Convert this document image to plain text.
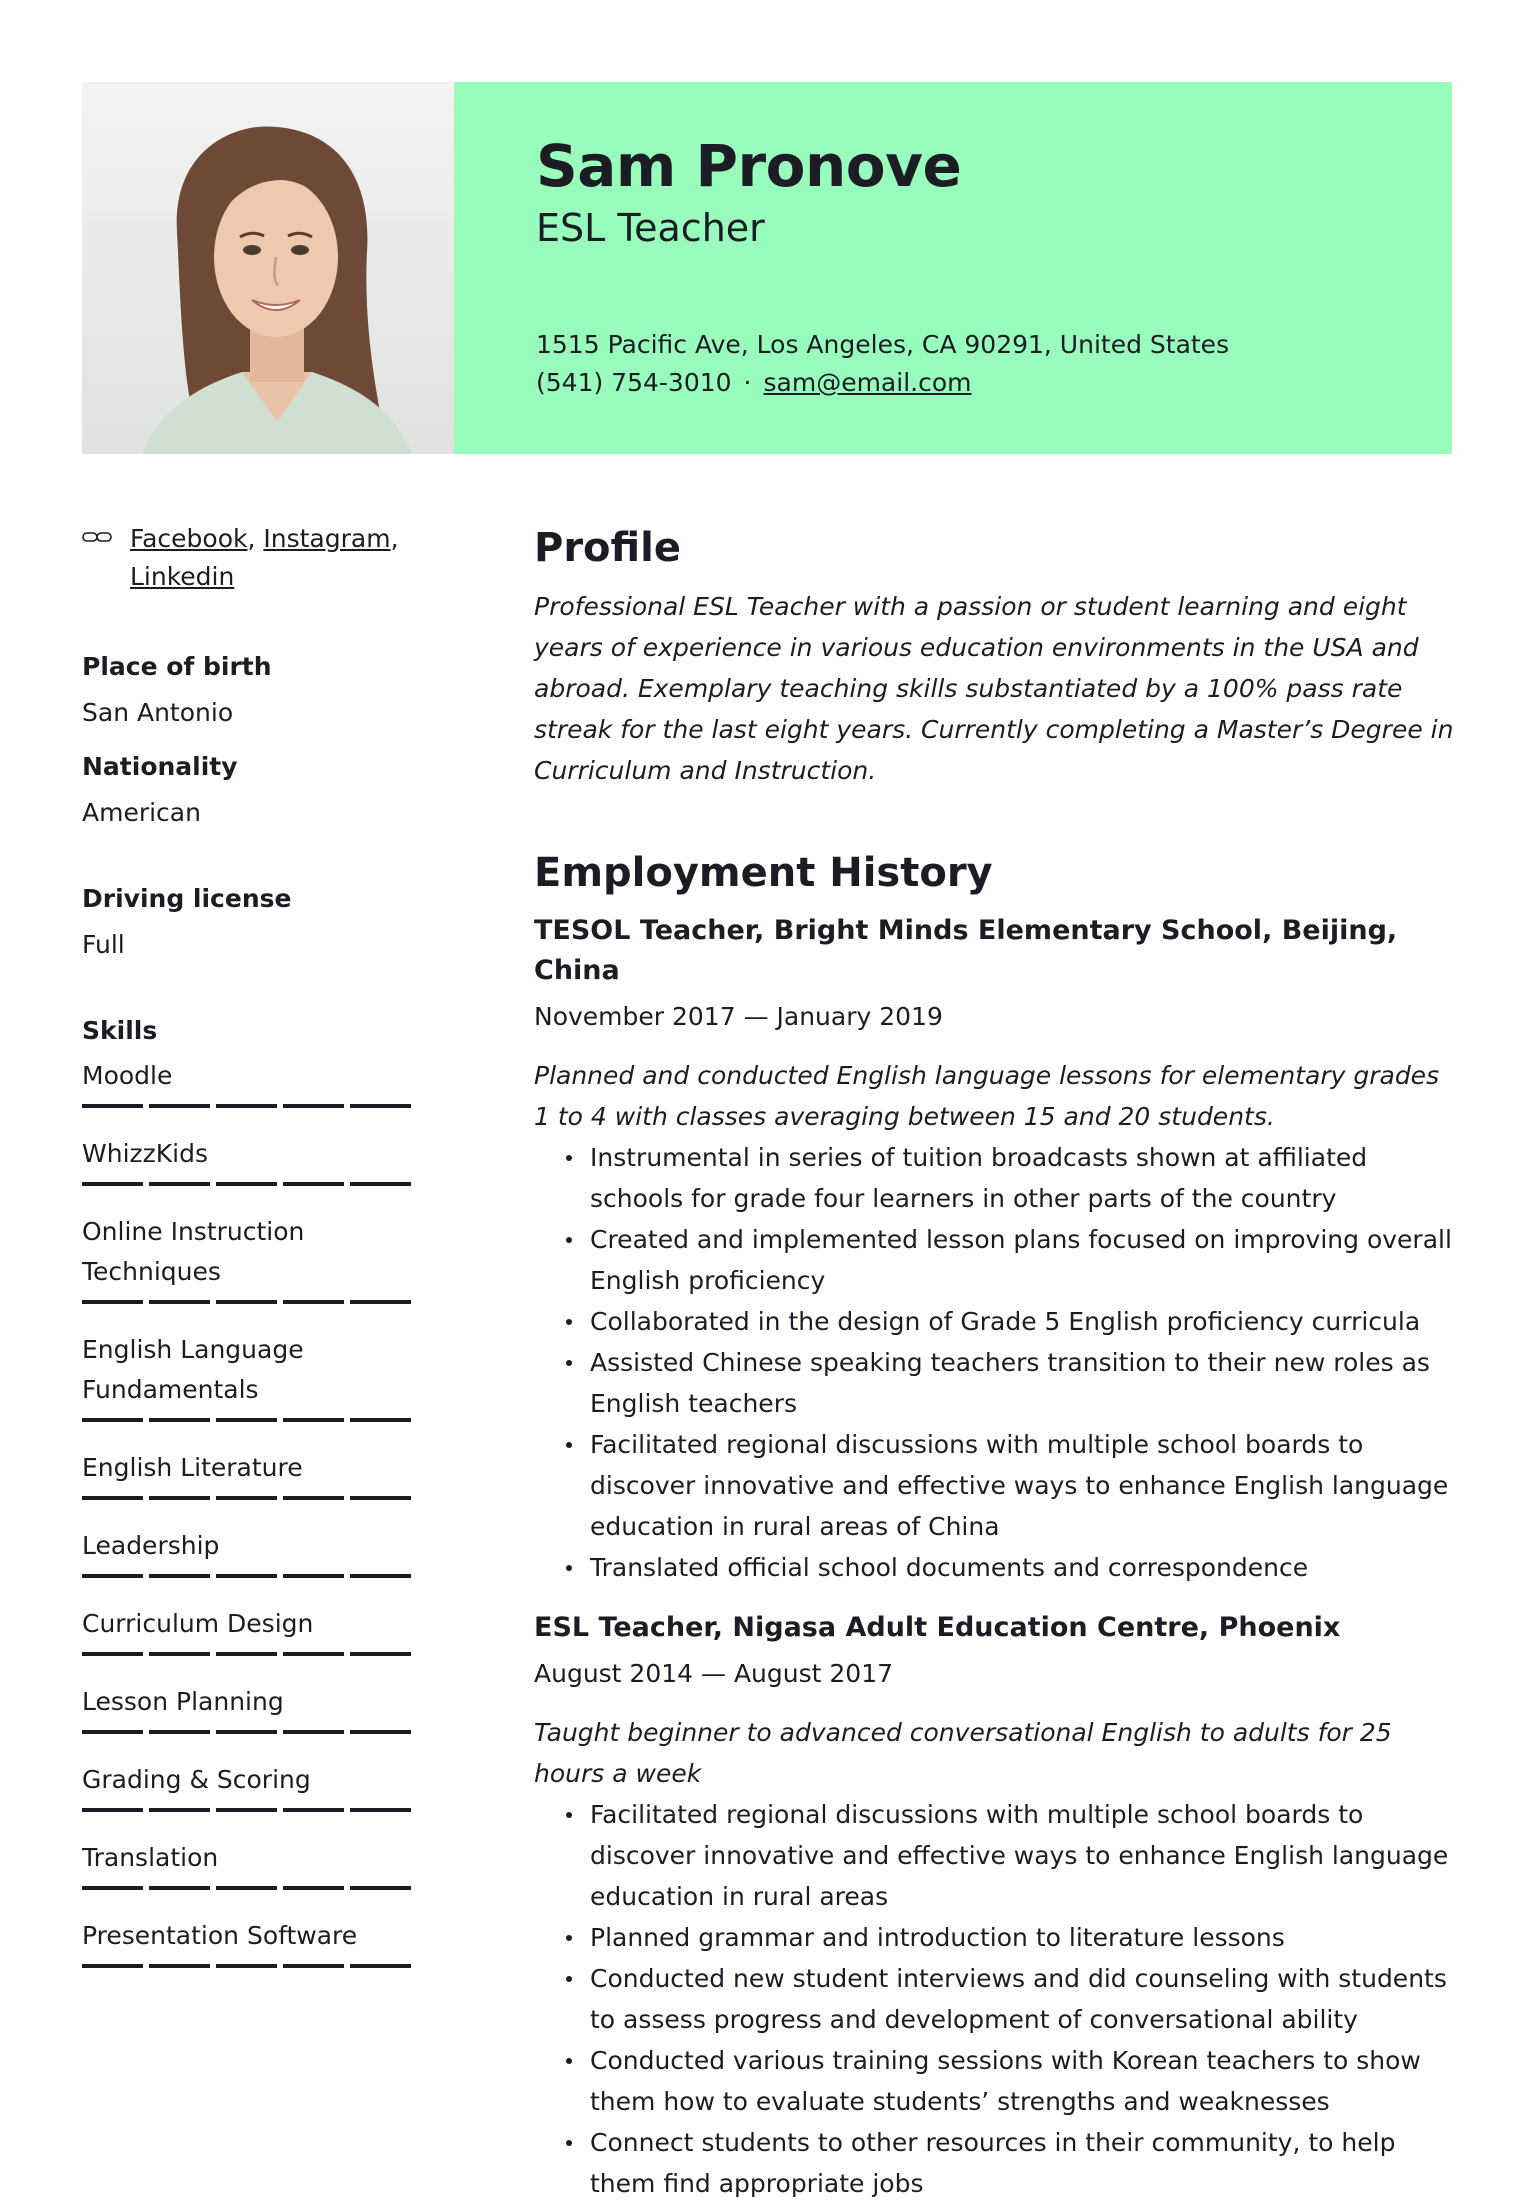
Sam Pronove
ESL Teacher
1515 Pacific Ave, Los Angeles, CA 90291, United States
(541) 754-3010 · sam@email.com
Facebook, Instagram,
Linkedin
Place of birth
San Antonio
Nationality
American
Driving license
Full
Skills
Moodle
WhizzKids
Online Instruction Techniques
English Language Fundamentals
English Literature
Leadership
Curriculum Design
Lesson Planning
Grading & Scoring
Translation
Presentation Software
Profile

Professional ESL Teacher with a passion or student learning and eight years of experience in various education environments in the USA and abroad. Exemplary teaching skills substantiated by a 100% pass rate streak for the last eight years. Currently completing a Master’s Degree in Curriculum and Instruction.

Employment History
TESOL Teacher, Bright Minds Elementary School, Beijing, China
November 2017 — January 2019
Planned and conducted English language lessons for elementary grades 1 to 4 with classes averaging between 15 and 20 students.
Instrumental in series of tuition broadcasts shown at affiliated schools for grade four learners in other parts of the country
Created and implemented lesson plans focused on improving overall English proficiency
Collaborated in the design of Grade 5 English proficiency curricula
Assisted Chinese speaking teachers transition to their new roles as English teachers
Facilitated regional discussions with multiple school boards to discover innovative and effective ways to enhance English language education in rural areas of China
Translated official school documents and correspondence
ESL Teacher, Nigasa Adult Education Centre, Phoenix
August 2014 — August 2017
Taught beginner to advanced conversational English to adults for 25 hours a week
Facilitated regional discussions with multiple school boards to discover innovative and effective ways to enhance English language education in rural areas
Planned grammar and introduction to literature lessons
Conducted new student interviews and did counseling with students to assess progress and development of conversational ability
Conducted various training sessions with Korean teachers to show them how to evaluate students’ strengths and weaknesses
Connect students to other resources in their community, to help them find appropriate jobs
